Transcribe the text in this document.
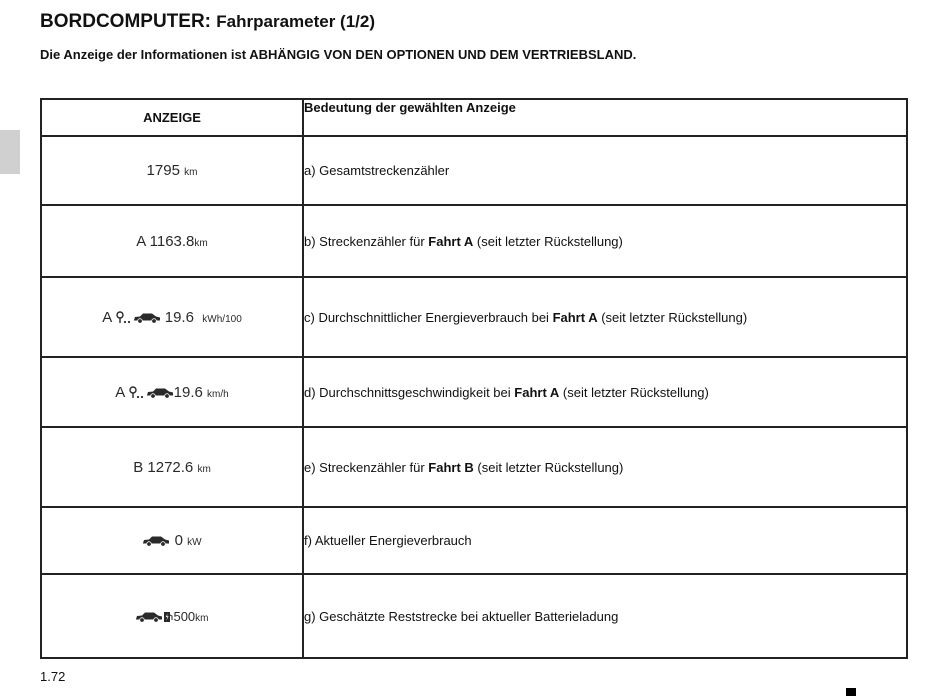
BORDCOMPUTER: Fahrparameter (1/2)
Die Anzeige der Informationen ist ABHÄNGIG VON DEN OPTIONEN UND DEM VERTRIEBSLAND.
ANZEIGE	Bedeutung der gewählten Anzeige
1795 km	a) Gesamtstreckenzähler
A 1163.8km	b) Streckenzähler für Fahrt A (seit letzter Rückstellung)
A 19.6 kWh/100	c) Durchschnittlicher Energieverbrauch bei Fahrt A (seit letzter Rückstellung)
A 19.6 km/h	d) Durchschnittsgeschwindigkeit bei Fahrt A (seit letzter Rückstellung)
B 1272.6 km	e) Streckenzähler für Fahrt B (seit letzter Rückstellung)
0 kW	f) Aktueller Energieverbrauch
500km	g) Geschätzte Reststrecke bei aktueller Batterieladung
1.72
